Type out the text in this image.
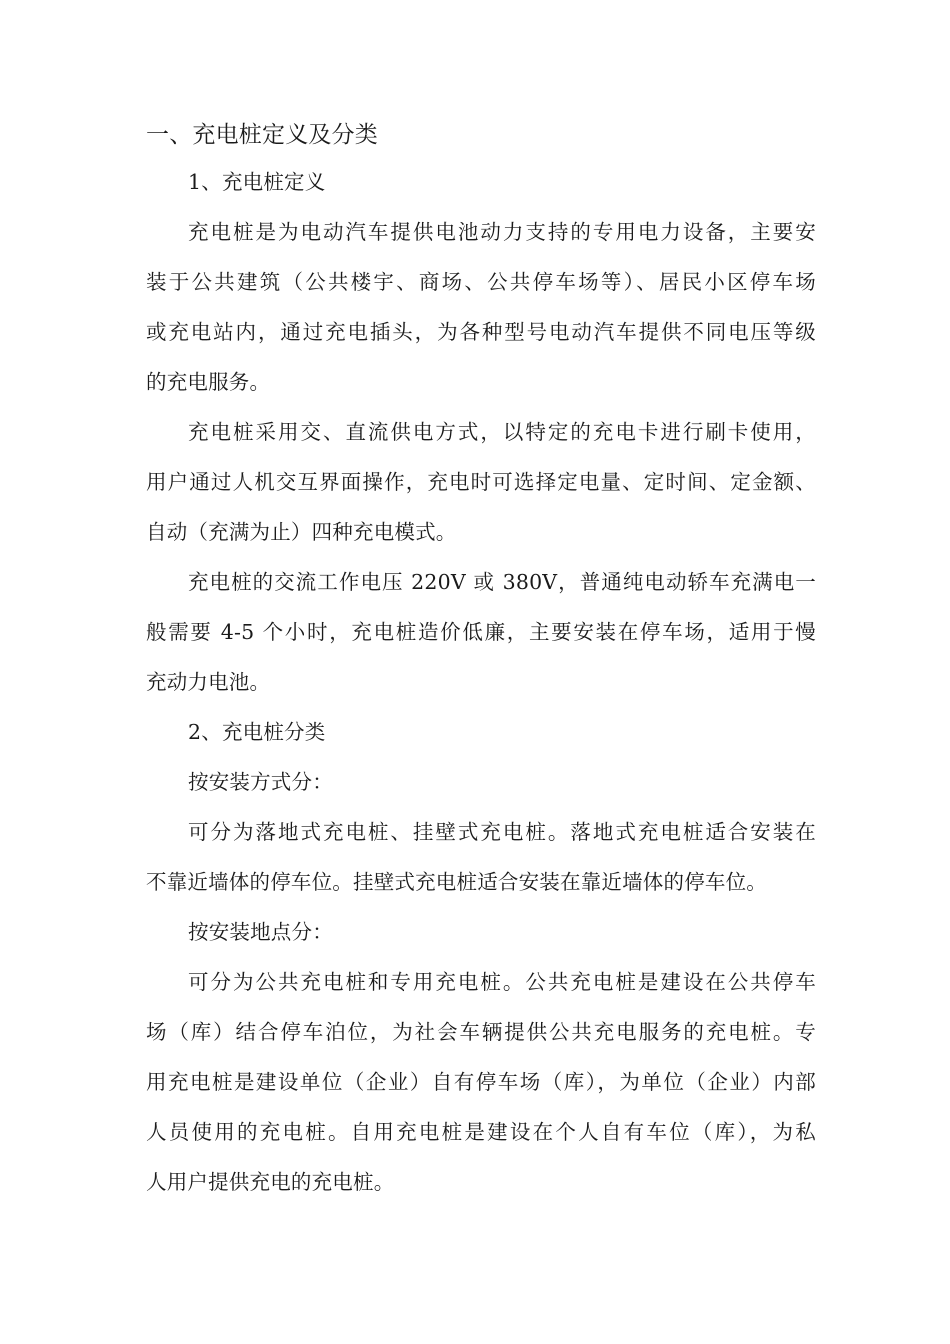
一、充电桩定义及分类
1、充电桩定义
充电桩是为电动汽车提供电池动力支持的专用电力设备，主要安
装于公共建筑（公共楼宇、商场、公共停车场等）、居民小区停车场
或充电站内，通过充电插头，为各种型号电动汽车提供不同电压等级
的充电服务。
充电桩采用交、直流供电方式，以特定的充电卡进行刷卡使用，
用户通过人机交互界面操作，充电时可选择定电量、定时间、定金额、
自动（充满为止）四种充电模式。
充电桩的交流工作电压 220V 或 380V，普通纯电动轿车充满电一
般需要 4-5 个小时，充电桩造价低廉，主要安装在停车场，适用于慢
充动力电池。
2、充电桩分类
按安装方式分：
可分为落地式充电桩、挂壁式充电桩。落地式充电桩适合安装在
不靠近墙体的停车位。挂壁式充电桩适合安装在靠近墙体的停车位。
按安装地点分：
可分为公共充电桩和专用充电桩。公共充电桩是建设在公共停车
场（库）结合停车泊位，为社会车辆提供公共充电服务的充电桩。专
用充电桩是建设单位（企业）自有停车场（库），为单位（企业）内部
人员使用的充电桩。自用充电桩是建设在个人自有车位（库），为私
人用户提供充电的充电桩。
